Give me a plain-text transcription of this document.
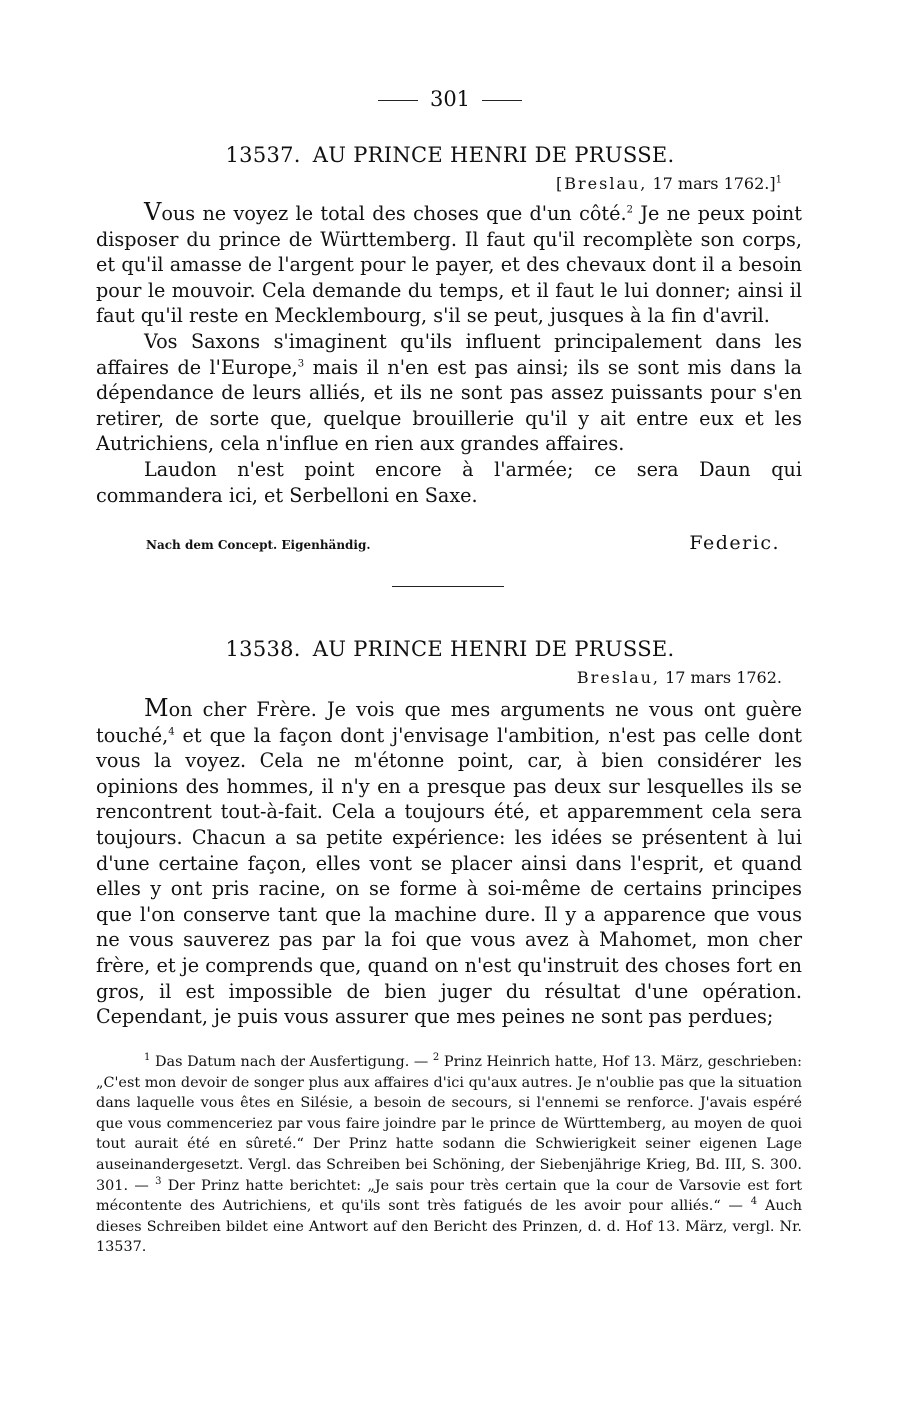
301
13537. AU PRINCE HENRI DE PRUSSE.
[Breslau, 17 mars 1762.]$^1$

Vous ne voyez le total des choses que d'un côté.$^2$ Je ne peux point disposer du prince de Württemberg. Il faut qu'il recomplète son corps, et qu'il amasse de l'argent pour le payer, et des chevaux dont il a besoin pour le mouvoir. Cela demande du temps, et il faut le lui donner; ainsi il faut qu'il reste en Mecklembourg, s'il se peut, jusques à la fin d'avril.

Vos Saxons s'imaginent qu'ils influent principalement dans les affaires de l'Europe,$^3$ mais il n'en est pas ainsi; ils se sont mis dans la dépendance de leurs alliés, et ils ne sont pas assez puissants pour s'en retirer, de sorte que, quelque brouillerie qu'il y ait entre eux et les Autrichiens, cela n'influe en rien aux grandes affaires.

Laudon n'est point encore à l'armée; ce sera Daun qui commandera ici, et Serbelloni en Saxe.

Nach dem Concept. Eigenhändig.	Federic.
13538. AU PRINCE HENRI DE PRUSSE.
Breslau, 17 mars 1762.

Mon cher Frère. Je vois que mes arguments ne vous ont guère touché,$^4$ et que la façon dont j'envisage l'ambition, n'est pas celle dont vous la voyez. Cela ne m'étonne point, car, à bien considérer les opinions des hommes, il n'y en a presque pas deux sur lesquelles ils se rencontrent tout-à-fait. Cela a toujours été, et apparemment cela sera toujours. Chacun a sa petite expérience: les idées se présentent à lui d'une certaine façon, elles vont se placer ainsi dans l'esprit, et quand elles y ont pris racine, on se forme à soi-même de certains principes que l'on conserve tant que la machine dure. Il y a apparence que vous ne vous sauverez pas par la foi que vous avez à Mahomet, mon cher frère, et je comprends que, quand on n'est qu'instruit des choses fort en gros, il est impossible de bien juger du résultat d'une opération. Cependant, je puis vous assurer que mes peines ne sont pas perdues;

$^1$ Das Datum nach der Ausfertigung. — $^2$ Prinz Heinrich hatte, Hof 13. März, geschrieben: „C'est mon devoir de songer plus aux affaires d'ici qu'aux autres. Je n'oublie pas que la situation dans laquelle vous êtes en Silésie, a besoin de secours, si l'ennemi se renforce. J'avais espéré que vous commenceriez par vous faire joindre par le prince de Württemberg, au moyen de quoi tout aurait été en sûreté.“ Der Prinz hatte sodann die Schwierigkeit seiner eigenen Lage auseinandergesetzt. Vergl. das Schreiben bei Schöning, der Siebenjährige Krieg, Bd. III, S. 300. 301. — $^3$ Der Prinz hatte berichtet: „Je sais pour très certain que la cour de Varsovie est fort mécontente des Autrichiens, et qu'ils sont très fatigués de les avoir pour alliés.“ — $^4$ Auch dieses Schreiben bildet eine Antwort auf den Bericht des Prinzen, d. d. Hof 13. März, vergl. Nr. 13537.
